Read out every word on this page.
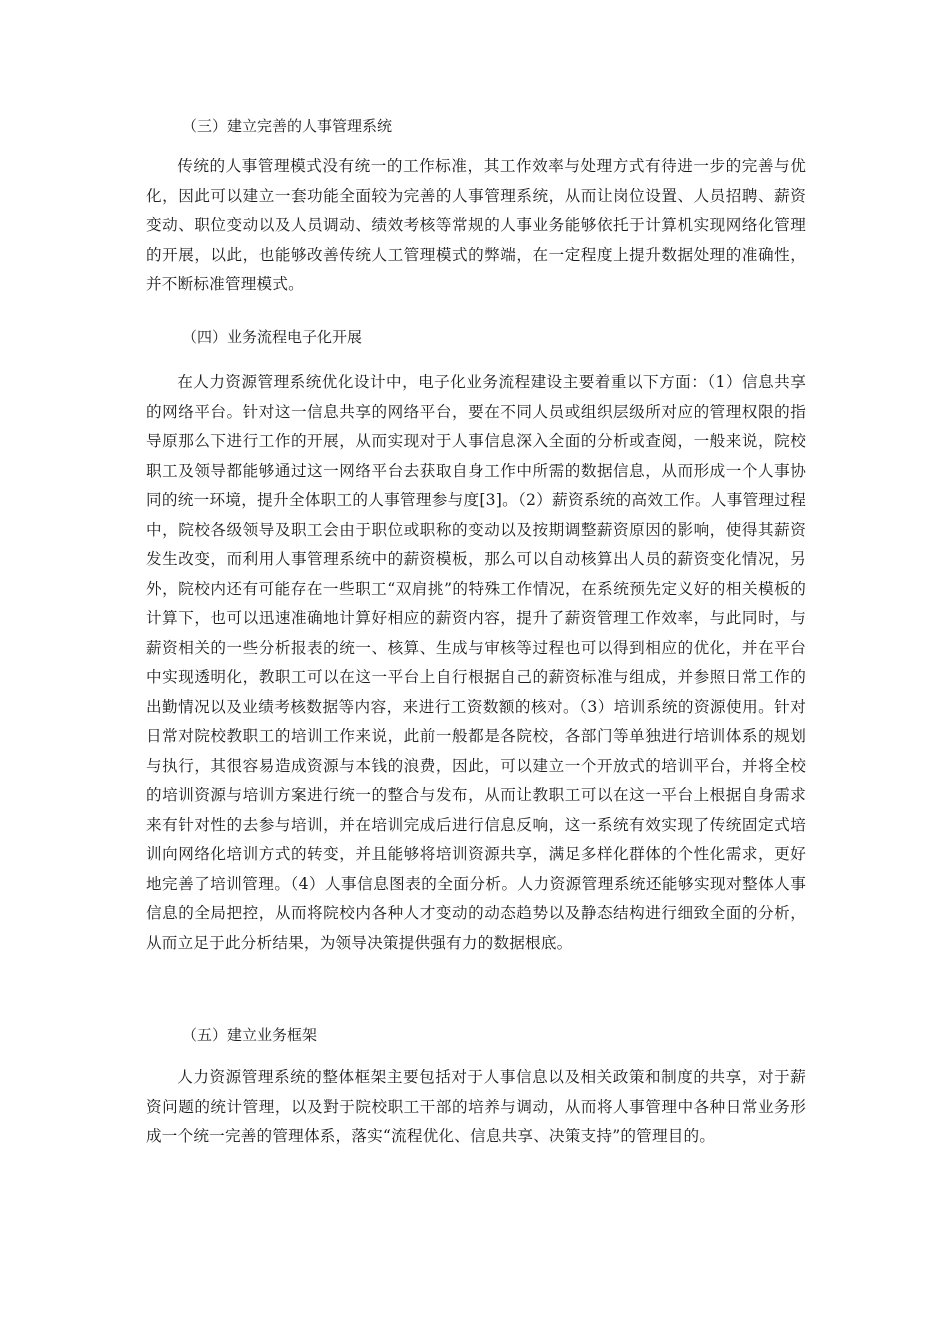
（三）建立完善的人事管理系统

传统的人事管理模式没有统一的工作标准，其工作效率与处理方式有待进一步的完善与优化，因此可以建立一套功能全面较为完善的人事管理系统，从而让岗位设置、人员招聘、薪资变动、职位变动以及人员调动、绩效考核等常规的人事业务能够依托于计算机实现网络化管理的开展，以此，也能够改善传统人工管理模式的弊端，在一定程度上提升数据处理的准确性，并不断标准管理模式。

（四）业务流程电子化开展

在人力资源管理系统优化设计中，电子化业务流程建设主要着重以下方面：（1）信息共享的网络平台。针对这一信息共享的网络平台，要在不同人员或组织层级所对应的管理权限的指导原那么下进行工作的开展，从而实现对于人事信息深入全面的分析或查阅，一般来说，院校职工及领导都能够通过这一网络平台去获取自身工作中所需的数据信息，从而形成一个人事协同的统一环境，提升全体职工的人事管理参与度[3]。（2）薪资系统的高效工作。人事管理过程中，院校各级领导及职工会由于职位或职称的变动以及按期调整薪资原因的影响，使得其薪资发生改变，而利用人事管理系统中的薪资模板，那么可以自动核算出人员的薪资变化情况，另外，院校内还有可能存在一些职工“双肩挑”的特殊工作情况，在系统预先定义好的相关模板的计算下，也可以迅速准确地计算好相应的薪资内容，提升了薪资管理工作效率，与此同时，与薪资相关的一些分析报表的统一、核算、生成与审核等过程也可以得到相应的优化，并在平台中实现透明化，教职工可以在这一平台上自行根据自己的薪资标准与组成，并参照日常工作的出勤情况以及业绩考核数据等内容，来进行工资数额的核对。（3）培训系统的资源使用。针对日常对院校教职工的培训工作来说，此前一般都是各院校，各部门等单独进行培训体系的规划与执行，其很容易造成资源与本钱的浪费，因此，可以建立一个开放式的培训平台，并将全校的培训资源与培训方案进行统一的整合与发布，从而让教职工可以在这一平台上根据自身需求来有针对性的去参与培训，并在培训完成后进行信息反响，这一系统有效实现了传统固定式培训向网络化培训方式的转变，并且能够将培训资源共享，满足多样化群体的个性化需求，更好地完善了培训管理。（4）人事信息图表的全面分析。人力资源管理系统还能够实现对整体人事信息的全局把控，从而将院校内各种人才变动的动态趋势以及静态结构进行细致全面的分析，从而立足于此分析结果，为领导决策提供强有力的数据根底。

（五）建立业务框架

人力资源管理系统的整体框架主要包括对于人事信息以及相关政策和制度的共享，对于薪资问题的统计管理，以及對于院校职工干部的培养与调动，从而将人事管理中各种日常业务形成一个统一完善的管理体系，落实“流程优化、信息共享、决策支持”的管理目的。
